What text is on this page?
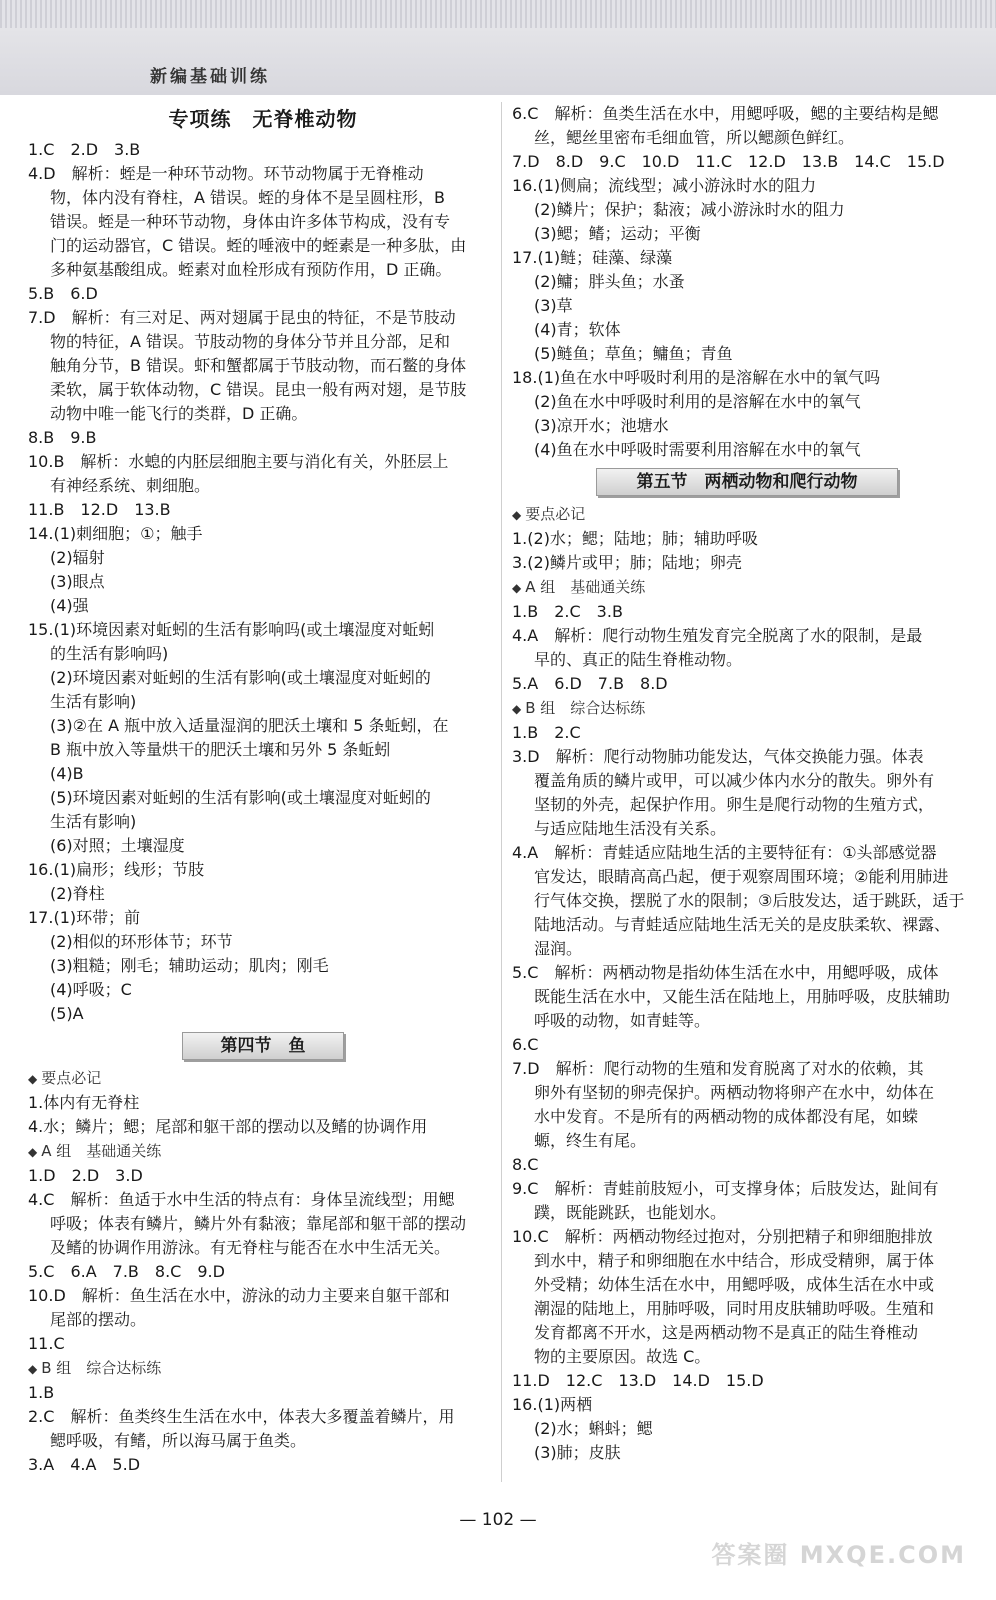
新编基础训练
专项练　无脊椎动物
1.C　2.D　3.B
4.D　解析：蛭是一种环节动物。环节动物属于无脊椎动
物，体内没有脊柱，A 错误。蛭的身体不是呈圆柱形，B
错误。蛭是一种环节动物，身体由许多体节构成，没有专
门的运动器官，C 错误。蛭的唾液中的蛭素是一种多肽，由
多种氨基酸组成。蛭素对血栓形成有预防作用，D 正确。
5.B　6.D
7.D　解析：有三对足、两对翅属于昆虫的特征，不是节肢动
物的特征，A 错误。节肢动物的身体分节并且分部，足和
触角分节，B 错误。虾和蟹都属于节肢动物，而石鳖的身体
柔软，属于软体动物，C 错误。昆虫一般有两对翅，是节肢
动物中唯一能飞行的类群，D 正确。
8.B　9.B
10.B　解析：水螅的内胚层细胞主要与消化有关，外胚层上
有神经系统、刺细胞。
11.B　12.D　13.B
14.(1)刺细胞；①；触手
(2)辐射
(3)眼点
(4)强
15.(1)环境因素对蚯蚓的生活有影响吗(或土壤湿度对蚯蚓
的生活有影响吗)
(2)环境因素对蚯蚓的生活有影响(或土壤湿度对蚯蚓的
生活有影响)
(3)②在 A 瓶中放入适量湿润的肥沃土壤和 5 条蚯蚓，在
B 瓶中放入等量烘干的肥沃土壤和另外 5 条蚯蚓
(4)B
(5)环境因素对蚯蚓的生活有影响(或土壤湿度对蚯蚓的
生活有影响)
(6)对照；土壤湿度
16.(1)扁形；线形；节肢
(2)脊柱
17.(1)环带；前
(2)相似的环形体节；环节
(3)粗糙；刚毛；辅助运动；肌肉；刚毛
(4)呼吸；C
(5)A
第四节　鱼
◆ 要点必记
1.体内有无脊柱
4.水；鳞片；鳃；尾部和躯干部的摆动以及鳍的协调作用
◆ A 组　基础通关练
1.D　2.D　3.D
4.C　解析：鱼适于水中生活的特点有：身体呈流线型；用鳃
呼吸；体表有鳞片，鳞片外有黏液；靠尾部和躯干部的摆动
及鳍的协调作用游泳。有无脊柱与能否在水中生活无关。
5.C　6.A　7.B　8.C　9.D
10.D　解析：鱼生活在水中，游泳的动力主要来自躯干部和
尾部的摆动。
11.C
◆ B 组　综合达标练
1.B
2.C　解析：鱼类终生生活在水中，体表大多覆盖着鳞片，用
鳃呼吸，有鳍，所以海马属于鱼类。
3.A　4.A　5.D
6.C　解析：鱼类生活在水中，用鳃呼吸，鳃的主要结构是鳃
丝，鳃丝里密布毛细血管，所以鳃颜色鲜红。
7.D　8.D　9.C　10.D　11.C　12.D　13.B　14.C　15.D
16.(1)侧扁；流线型；减小游泳时水的阻力
(2)鳞片；保护；黏液；减小游泳时水的阻力
(3)鳃；鳍；运动；平衡
17.(1)鲢；硅藻、绿藻
(2)鳙；胖头鱼；水蚤
(3)草
(4)青；软体
(5)鲢鱼；草鱼；鳙鱼；青鱼
18.(1)鱼在水中呼吸时利用的是溶解在水中的氧气吗
(2)鱼在水中呼吸时利用的是溶解在水中的氧气
(3)凉开水；池塘水
(4)鱼在水中呼吸时需要利用溶解在水中的氧气
第五节　两栖动物和爬行动物
◆ 要点必记
1.(2)水；鳃；陆地；肺；辅助呼吸
3.(2)鳞片或甲；肺；陆地；卵壳
◆ A 组　基础通关练
1.B　2.C　3.B
4.A　解析：爬行动物生殖发育完全脱离了水的限制，是最
早的、真正的陆生脊椎动物。
5.A　6.D　7.B　8.D
◆ B 组　综合达标练
1.B　2.C
3.D　解析：爬行动物肺功能发达，气体交换能力强。体表
覆盖角质的鳞片或甲，可以减少体内水分的散失。卵外有
坚韧的外壳，起保护作用。卵生是爬行动物的生殖方式，
与适应陆地生活没有关系。
4.A　解析：青蛙适应陆地生活的主要特征有：①头部感觉器
官发达，眼睛高高凸起，便于观察周围环境；②能利用肺进
行气体交换，摆脱了水的限制；③后肢发达，适于跳跃，适于
陆地活动。与青蛙适应陆地生活无关的是皮肤柔软、裸露、
湿润。
5.C　解析：两栖动物是指幼体生活在水中，用鳃呼吸，成体
既能生活在水中，又能生活在陆地上，用肺呼吸，皮肤辅助
呼吸的动物，如青蛙等。
6.C
7.D　解析：爬行动物的生殖和发育脱离了对水的依赖，其
卵外有坚韧的卵壳保护。两栖动物将卵产在水中，幼体在
水中发育。不是所有的两栖动物的成体都没有尾，如蝾
螈，终生有尾。
8.C
9.C　解析：青蛙前肢短小，可支撑身体；后肢发达，趾间有
蹼，既能跳跃，也能划水。
10.C　解析：两栖动物经过抱对，分别把精子和卵细胞排放
到水中，精子和卵细胞在水中结合，形成受精卵，属于体
外受精；幼体生活在水中，用鳃呼吸，成体生活在水中或
潮湿的陆地上，用肺呼吸，同时用皮肤辅助呼吸。生殖和
发育都离不开水，这是两栖动物不是真正的陆生脊椎动
物的主要原因。故选 C。
11.D　12.C　13.D　14.D　15.D
16.(1)两栖
(2)水；蝌蚪；鳃
(3)肺；皮肤
— 102 —
答案圈 MXQE.COM
